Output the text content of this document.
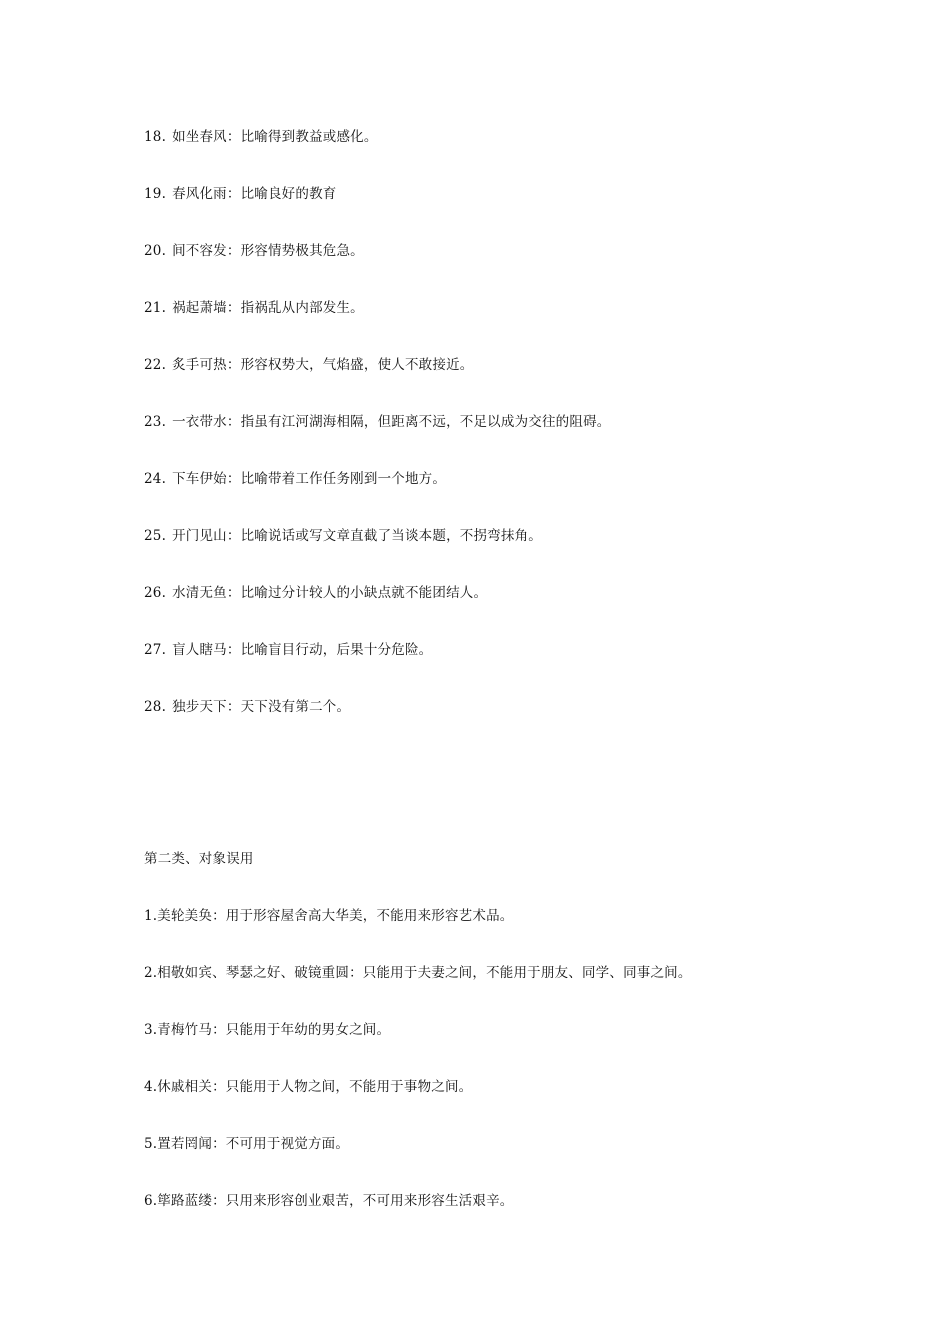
18. 如坐春风：比喻得到教益或感化。
19. 春风化雨：比喻良好的教育
20. 间不容发：形容情势极其危急。
21. 祸起萧墙：指祸乱从内部发生。
22. 炙手可热：形容权势大，气焰盛，使人不敢接近。
23. 一衣带水：指虽有江河湖海相隔，但距离不远，不足以成为交往的阻碍。
24. 下车伊始：比喻带着工作任务刚到一个地方。
25. 开门见山：比喻说话或写文章直截了当谈本题，不拐弯抹角。
26. 水清无鱼：比喻过分计较人的小缺点就不能团结人。
27. 盲人瞎马：比喻盲目行动，后果十分危险。
28. 独步天下：天下没有第二个。
第二类、对象误用
1.美轮美奂：用于形容屋舍高大华美，不能用来形容艺术品。
2.相敬如宾、琴瑟之好、破镜重圆：只能用于夫妻之间，不能用于朋友、同学、同事之间。
3.青梅竹马：只能用于年幼的男女之间。
4.休戚相关：只能用于人物之间，不能用于事物之间。
5.置若罔闻：不可用于视觉方面。
6.筚路蓝缕：只用来形容创业艰苦，不可用来形容生活艰辛。
